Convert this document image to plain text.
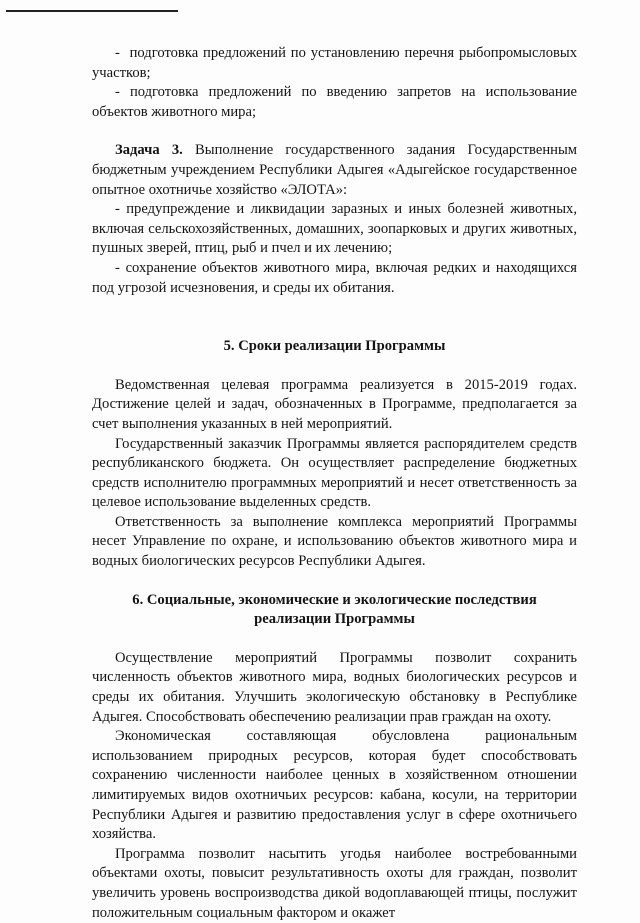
-  подготовка предложений по установлению перечня рыбопромысловых участков;

- подготовка предложений по введению запретов на использование объектов животного мира;

Задача 3. Выполнение государственного задания Государственным бюджетным учреждением Республики Адыгея «Адыгейское государственное опытное охотничье хозяйство «ЭЛОТА»:

- предупреждение и ликвидации заразных и иных болезней животных, включая сельскохозяйственных, домашних, зоопарковых и других животных, пушных зверей, птиц, рыб и пчел и их лечению;

- сохранение объектов животного мира, включая редких и находящихся под угрозой исчезновения, и среды их обитания.

5. Сроки реализации Программы

Ведомственная целевая программа реализуется в 2015-2019 годах. Достижение целей и задач, обозначенных в Программе, предполагается за счет выполнения указанных в ней мероприятий.

Государственный заказчик Программы является распорядителем средств республиканского бюджета. Он осуществляет распределение бюджетных средств исполнителю программных мероприятий и несет ответственность за целевое использование выделенных средств.

Ответственность за выполнение комплекса мероприятий Программы несет Управление по охране, и использованию объектов животного мира и водных биологических ресурсов Республики Адыгея.

6. Социальные, экономические и экологические последствия

реализации Программы

Осуществление мероприятий Программы позволит сохранить численность объектов животного мира, водных биологических ресурсов и среды их обитания. Улучшить экологическую обстановку в Республике Адыгея. Способствовать обеспечению реализации прав граждан на охоту.

Экономическая составляющая обусловлена рациональным использованием природных ресурсов, которая будет способствовать сохранению численности наиболее ценных в хозяйственном отношении лимитируемых видов охотничьих ресурсов: кабана, косули, на территории Республики Адыгея и развитию предоставления услуг в сфере охотничьего хозяйства.

Программа позволит насытить угодья наиболее востребованными объектами охоты, повысит результативность охоты для граждан, позволит увеличить уровень воспроизводства дикой водоплавающей птицы, послужит положительным социальным фактором и окажет
